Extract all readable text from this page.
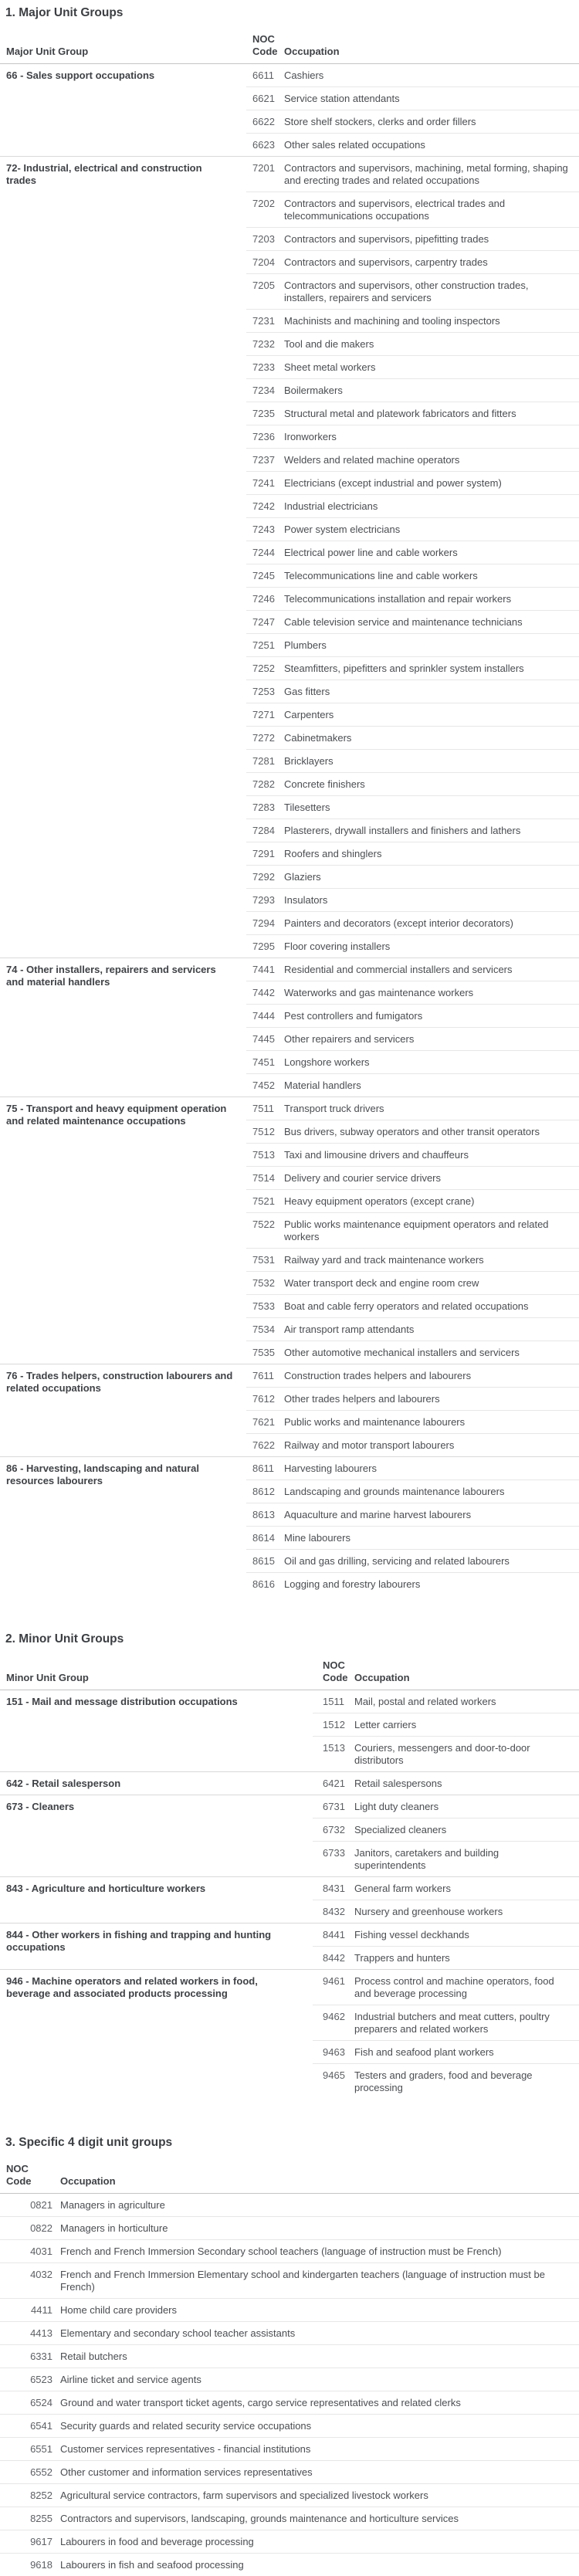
1. Major Unit Groups
Major Unit Group
NOC
Code Occupation
66 - Sales support occupations	6611	Cashiers
6621 Service station attendants
6622 Store shelf stockers, clerks and order fillers
6623 Other sales related occupations
72- Industrial, electrical and construction trades
7201 Contractors and supervisors, machining, metal forming, shaping and erecting trades and related occupations
7202 Contractors and supervisors, electrical trades and telecommunications occupations
7203 Contractors and supervisors, pipefitting trades
7204 Contractors and supervisors, carpentry trades
7205 Contractors and supervisors, other construction trades, installers, repairers and servicers
7231 Machinists and machining and tooling inspectors
7232 Tool and die makers
7233 Sheet metal workers
7234 Boilermakers
7235 Structural metal and platework fabricators and fitters
7236 Ironworkers
7237 Welders and related machine operators
7241 Electricians (except industrial and power system)
7242 Industrial electricians
7243 Power system electricians
7244 Electrical power line and cable workers
7245 Telecommunications line and cable workers
7246 Telecommunications installation and repair workers
7247 Cable television service and maintenance technicians
7251 Plumbers
7252 Steamfitters, pipefitters and sprinkler system installers
7253 Gas fitters
7271 Carpenters
7272 Cabinetmakers
7281 Bricklayers
7282 Concrete finishers
7283 Tilesetters
7284 Plasterers, drywall installers and finishers and lathers
7291 Roofers and shinglers
7292 Glaziers
7293 Insulators
7294 Painters and decorators (except interior decorators)
7295 Floor covering installers
74 - Other installers, repairers and servicers and material handlers
7441 Residential and commercial installers and servicers
7442 Waterworks and gas maintenance workers
7444 Pest controllers and fumigators
7445 Other repairers and servicers
7451 Longshore workers
7452 Material handlers
75 - Transport and heavy equipment operation and related maintenance occupations
7511	Transport truck drivers
7512 Bus drivers, subway operators and other transit operators
7513 Taxi and limousine drivers and chauffeurs
7514 Delivery and courier service drivers
7521 Heavy equipment operators (except crane)
7522 Public works maintenance equipment operators and related workers
7531 Railway yard and track maintenance workers
7532 Water transport deck and engine room crew
7533 Boat and cable ferry operators and related occupations
7534 Air transport ramp attendants
7535 Other automotive mechanical installers and servicers
76 - Trades helpers, construction labourers and related occupations
7611	Construction trades helpers and labourers
7612 Other trades helpers and labourers
7621 Public works and maintenance labourers
7622 Railway and motor transport labourers
86 - Harvesting, landscaping and natural resources labourers
8611	Harvesting labourers
8612 Landscaping and grounds maintenance labourers
8613 Aquaculture and marine harvest labourers
8614 Mine labourers
8615 Oil and gas drilling, servicing and related labourers
8616 Logging and forestry labourers
2. Minor Unit Groups
Minor Unit Group
NOC
Code Occupation
151 - Mail and message distribution occupations	1511	Mail, postal and related workers
1512 Letter carriers
1513 Couriers, messengers and door-to-door distributors
642 - Retail salesperson	6421 Retail salespersons
673 - Cleaners	6731 Light duty cleaners
6732 Specialized cleaners
6733 Janitors, caretakers and building superintendents
843 - Agriculture and horticulture workers	8431 General farm workers
8432 Nursery and greenhouse workers
844 - Other workers in fishing and trapping and hunting occupations
8441 Fishing vessel deckhands
8442 Trappers and hunters
946 - Machine operators and related workers in food, beverage and associated products processing
9461 Process control and machine operators, food and beverage processing
9462 Industrial butchers and meat cutters, poultry preparers and related workers
9463 Fish and seafood plant workers
9465 Testers and graders, food and beverage processing
3. Specific 4 digit unit groups
NOC
Code	Occupation
0821 Managers in agriculture
0822 Managers in horticulture
4031 French and French Immersion Secondary school teachers (language of instruction must be French)
4032 French and French Immersion Elementary school and kindergarten teachers (language of instruction must be French)
4411 Home child care providers
4413 Elementary and secondary school teacher assistants
6331 Retail butchers
6523 Airline ticket and service agents
6524 Ground and water transport ticket agents, cargo service representatives and related clerks
6541 Security guards and related security service occupations
6551 Customer services representatives - financial institutions
6552 Other customer and information services representatives
8252 Agricultural service contractors, farm supervisors and specialized livestock workers
8255 Contractors and supervisors, landscaping, grounds maintenance and horticulture services
9617 Labourers in food and beverage processing
9618 Labourers in fish and seafood processing
